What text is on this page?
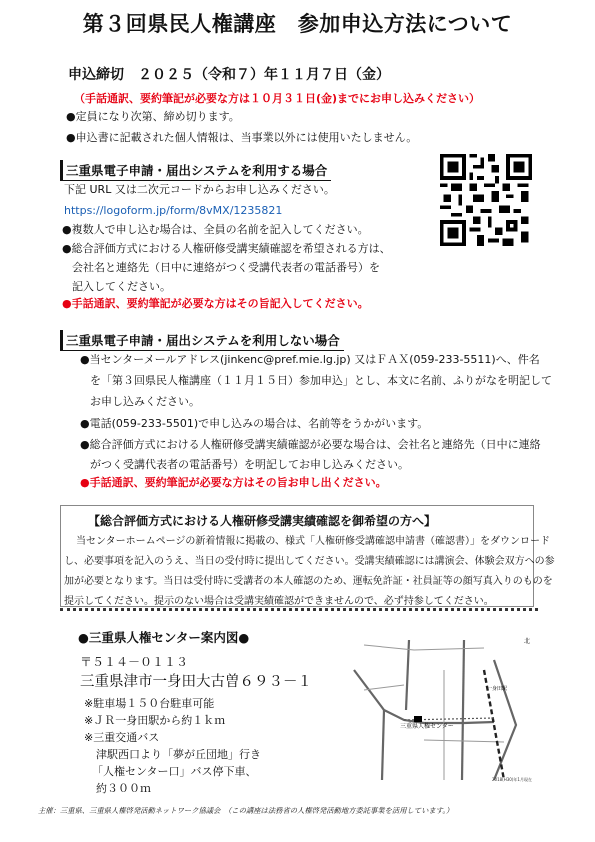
第３回県民人権講座　参加申込方法について
申込締切　２０２５（令和７）年１１月７日（金）
（手話通訳、要約筆記が必要な方は１０月３１日(金)までにお申し込みください）
●定員になり次第、締め切ります。
●申込書に記載された個人情報は、当事業以外には使用いたしません。
三重県電子申請・届出システムを利用する場合
下記 URL 又は二次元コードからお申し込みください。
https://logoform.jp/form/8vMX/1235821
●複数人で申し込む場合は、全員の名前を記入してください。
●総合評価方式における人権研修受講実績確認を希望される方は、
会社名と連絡先（日中に連絡がつく受講代表者の電話番号）を
記入してください。
●手話通訳、要約筆記が必要な方はその旨記入してください。
三重県電子申請・届出システムを利用しない場合
●当センターメールアドレス(jinkenc@pref.mie.lg.jp) 又はＦＡＸ(059-233-5511)へ、件名
を「第３回県民人権講座（１１月１５日）参加申込」とし、本文に名前、ふりがなを明記して
お申し込みください。
●電話(059-233-5501)で申し込みの場合は、名前等をうかがいます。
●総合評価方式における人権研修受講実績確認が必要な場合は、会社名と連絡先（日中に連絡
がつく受講代表者の電話番号）を明記してお申し込みください。
●手話通訳、要約筆記が必要な方はその旨お申し出ください。
【総合評価方式における人権研修受講実績確認を御希望の方へ】
当センターホームページの新着情報に掲載の、様式「人権研修受講確認申請書（確認書）」をダウンロード
し、必要事項を記入のうえ、当日の受付時に提出してください。受講実績確認には講演会、体験会双方への参
加が必要となります。当日は受付時に受講者の本人確認のため、運転免許証・社員証等の顔写真入りのものを
提示してください。提示のない場合は受講実績確認ができませんので、必ず持参してください。
●三重県人権センター案内図●
〒５１４－０１１３
三重県津市一身田大古曽６９３－１
※駐車場１５０台駐車可能
※ＪＲ一身田駅から約１ｋｍ
※三重交通バス
津駅西口より「夢が丘団地」行き
「人権センター口」バス停下車、
約３００ｍ
三重県人権センター
一身田駅
北
2018(H30)年1月現在
主催：三重県、三重県人権啓発活動ネットワーク協議会　（この講座は法務省の人権啓発活動地方委託事業を活用しています。）
